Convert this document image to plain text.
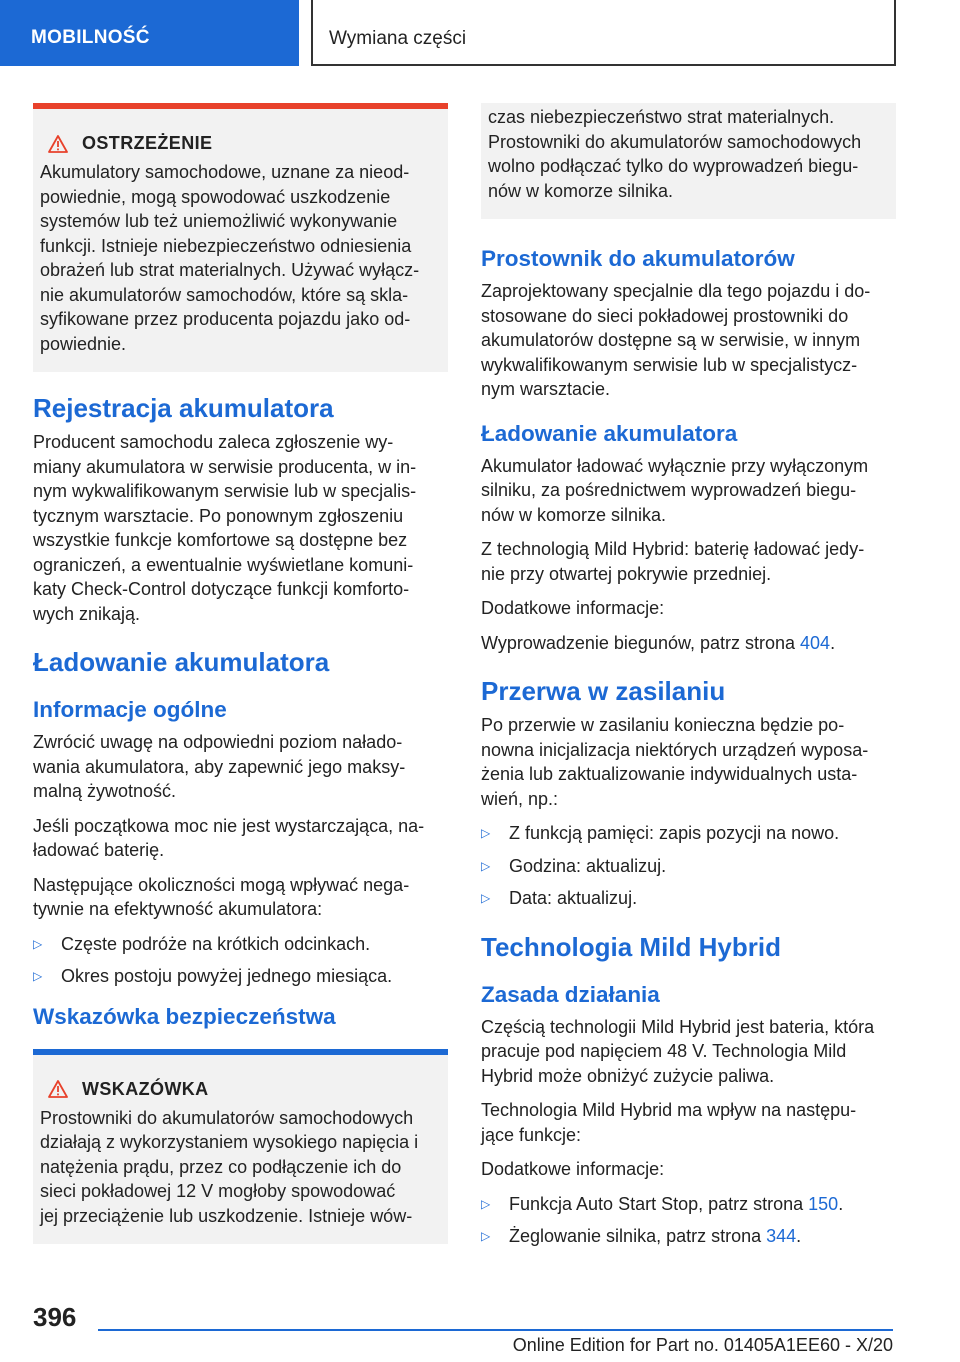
MOBILNOŚĆ	Wymiana części
OSTRZEŻENIE

Akumulatory samochodowe, uznane za nieod-
powiednie, mogą spowodować uszkodzenie
systemów lub też uniemożliwić wykonywanie
funkcji. Istnieje niebezpieczeństwo odniesienia
obrażeń lub strat materialnych. Używać wyłącz-
nie akumulatorów samochodów, które są skla-
syfikowane przez producenta pojazdu jako od-
powiednie.

Rejestracja akumulatora

Producent samochodu zaleca zgłoszenie wy-
miany akumulatora w serwisie producenta, w in-
nym wykwalifikowanym serwisie lub w specjalis-
tycznym warsztacie. Po ponownym zgłoszeniu
wszystkie funkcje komfortowe są dostępne bez
ograniczeń, a ewentualnie wyświetlane komuni-
katy Check-Control dotyczące funkcji komforto-
wych znikają.

Ładowanie akumulatora
Informacje ogólne

Zwrócić uwagę na odpowiedni poziom nałado-
wania akumulatora, aby zapewnić jego maksy-
malną żywotność.

Jeśli początkowa moc nie jest wystarczająca, na-
ładować baterię.

Następujące okoliczności mogą wpływać nega-
tywnie na efektywność akumulatora:

▷	Częste podróże na krótkich odcinkach.
▷	Okres postoju powyżej jednego miesiąca.
Wskazówka bezpieczeństwa
WSKAZÓWKA

Prostowniki do akumulatorów samochodowych
działają z wykorzystaniem wysokiego napięcia i
natężenia prądu, przez co podłączenie ich do
sieci pokładowej 12 V mogłoby spowodować
jej przeciążenie lub uszkodzenie. Istnieje wów-

czas niebezpieczeństwo strat materialnych.
Prostowniki do akumulatorów samochodowych
wolno podłączać tylko do wyprowadzeń biegu-
nów w komorze silnika.

Prostownik do akumulatorów

Zaprojektowany specjalnie dla tego pojazdu i do-
stosowane do sieci pokładowej prostowniki do
akumulatorów dostępne są w serwisie, w innym
wykwalifikowanym serwisie lub w specjalistycz-
nym warsztacie.

Ładowanie akumulatora

Akumulator ładować wyłącznie przy wyłączonym
silniku, za pośrednictwem wyprowadzeń biegu-
nów w komorze silnika.

Z technologią Mild Hybrid: baterię ładować jedy-
nie przy otwartej pokrywie przedniej.

Dodatkowe informacje:

Wyprowadzenie biegunów, patrz strona 404.

Przerwa w zasilaniu

Po przerwie w zasilaniu konieczna będzie po-
nowna inicjalizacja niektórych urządzeń wyposa-
żenia lub zaktualizowanie indywidualnych usta-
wień, np.:

▷	Z funkcją pamięci: zapis pozycji na nowo.
▷	Godzina: aktualizuj.
▷	Data: aktualizuj.
Technologia Mild Hybrid
Zasada działania

Częścią technologii Mild Hybrid jest bateria, która
pracuje pod napięciem 48 V. Technologia Mild
Hybrid może obniżyć zużycie paliwa.

Technologia Mild Hybrid ma wpływ na następu-
jące funkcje:

Dodatkowe informacje:

▷	Funkcja Auto Start Stop, patrz strona 150.
▷	Żeglowanie silnika, patrz strona 344.
396
Online Edition for Part no. 01405A1EE60 - X/20
